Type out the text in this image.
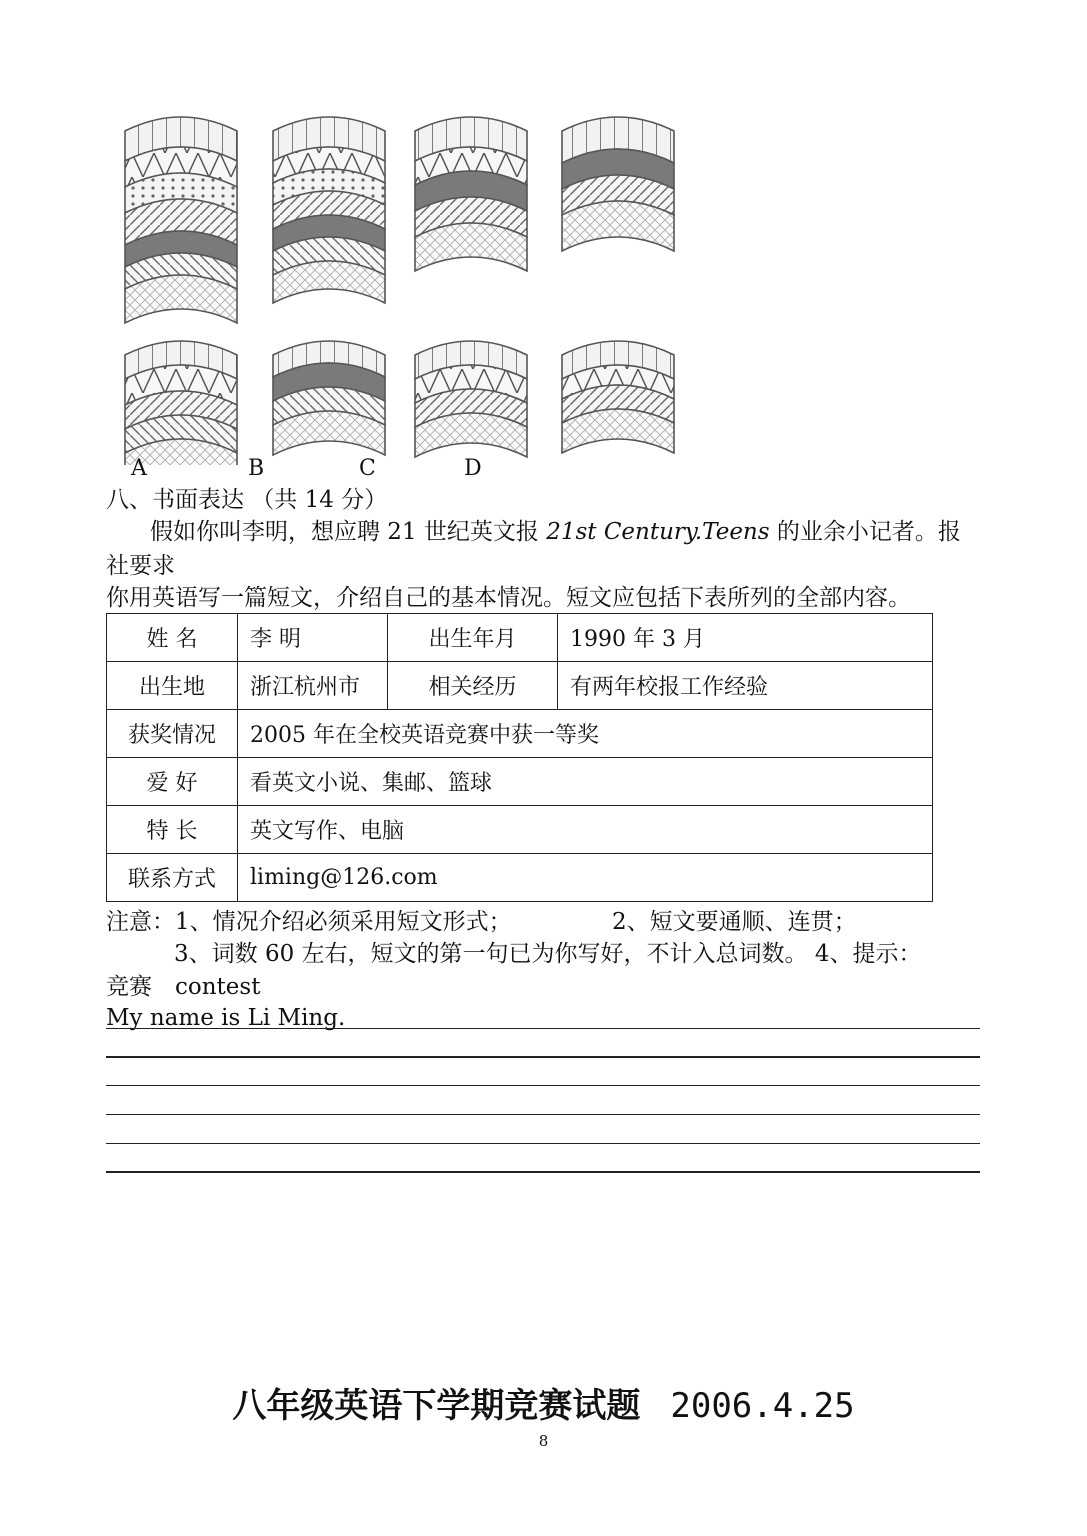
A	B	C	D
八、书面表达 （共 14 分）
假如你叫李明，想应聘 21 世纪英文报 21st Century.Teens 的业余小记者。报
社要求
你用英语写一篇短文，介绍自己的基本情况。短文应包括下表所列的全部内容。
姓 名	李 明	出生年月	1990 年 3 月
出生地	浙江杭州市	相关经历	有两年校报工作经验
获奖情况	2005 年在全校英语竞赛中获一等奖		
爱 好	看英文小说、集邮、篮球		
特 长	英文写作、电脑		
联系方式	liming@126.com		
注意：1、情况介绍必须采用短文形式；	2、短文要通顺、连贯；
3、词数 60 左右，短文的第一句已为你写好，不计入总词数。 4、提示：
竞赛　contest
My name is Li Ming.
八年级英语下学期竞赛试题 2006.4.25
8
